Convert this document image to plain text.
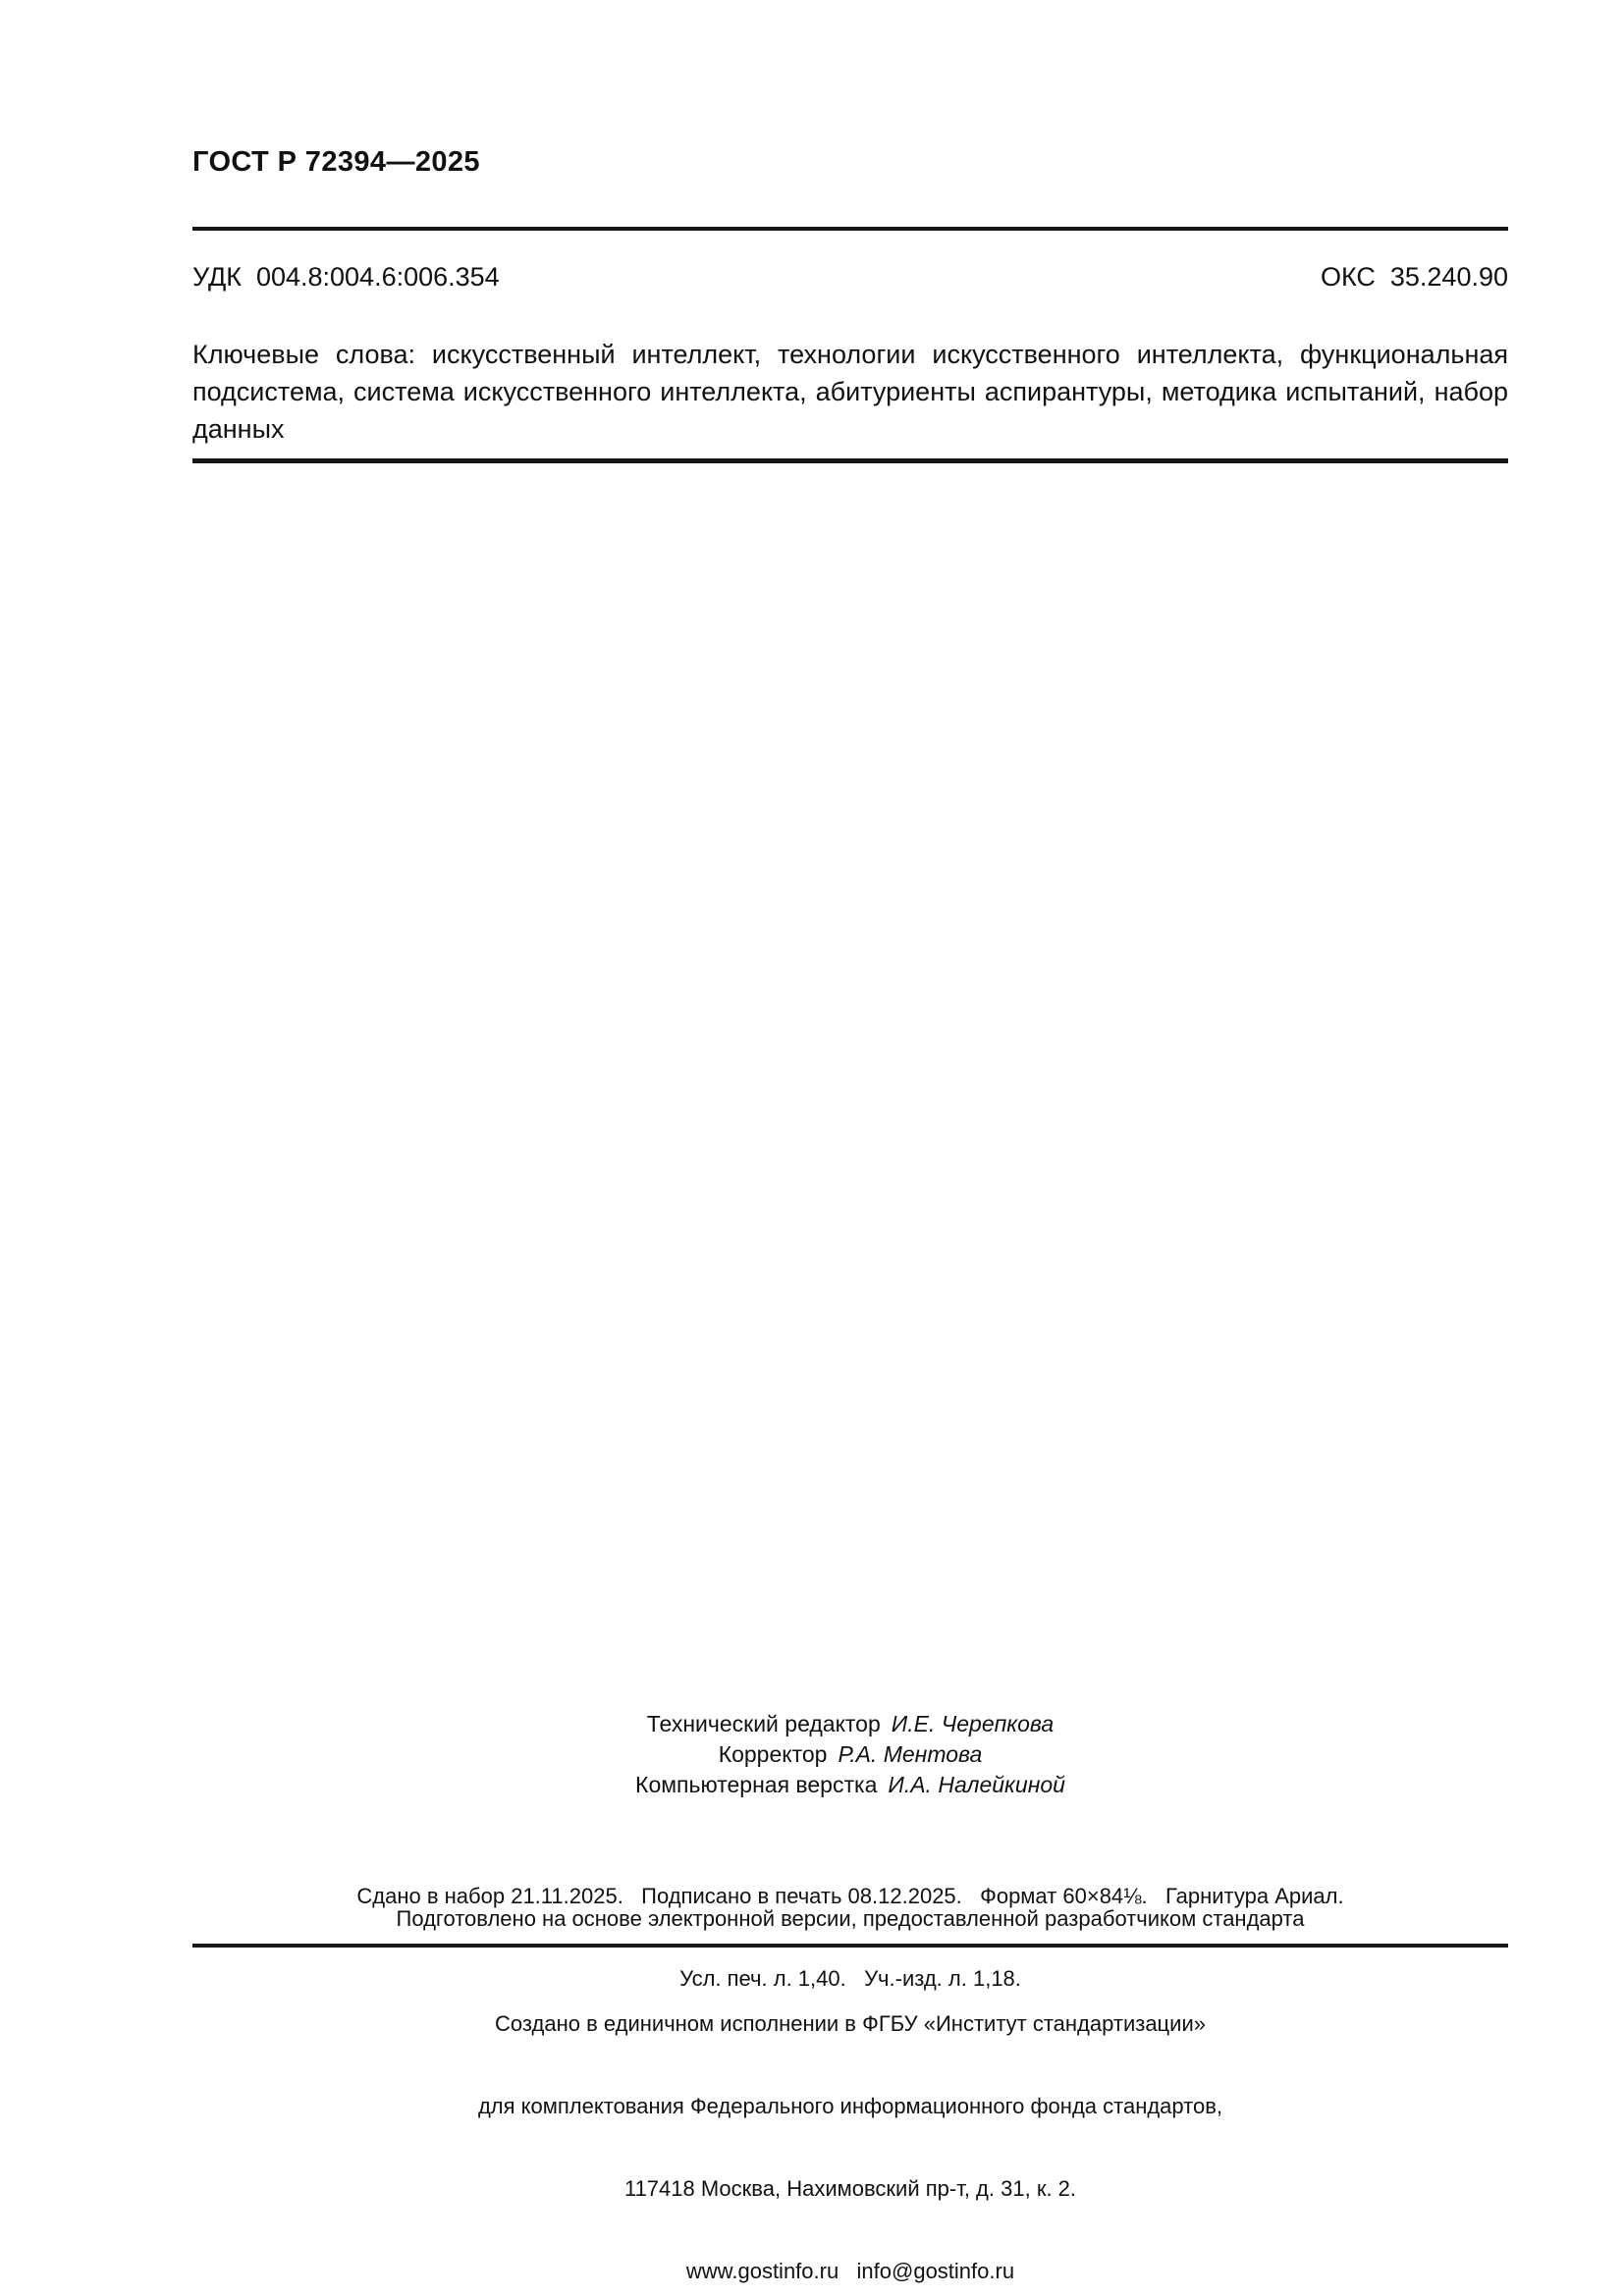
ГОСТ Р 72394—2025
УДК  004.8:004.6:006.354	ОКС  35.240.90
Ключевые слова: искусственный интеллект, технологии искусственного интеллекта, функциональная подсистема, система искусственного интеллекта, абитуриенты аспирантуры, методика испытаний, набор данных
Технический редактор И.Е. Черепкова
Корректор Р.А. Ментова
Компьютерная верстка И.А. Налейкиной

Сдано в набор 21.11.2025.   Подписано в печать 08.12.2025.   Формат 60×84⅛.   Гарнитура Ариал.

Усл. печ. л. 1,40.   Уч.-изд. л. 1,18.

Подготовлено на основе электронной версии, предоставленной разработчиком стандарта

Создано в единичном исполнении в ФГБУ «Институт стандартизации»

для комплектования Федерального информационного фонда стандартов,

117418 Москва, Нахимовский пр-т, д. 31, к. 2.

www.gostinfo.ru   info@gostinfo.ru
